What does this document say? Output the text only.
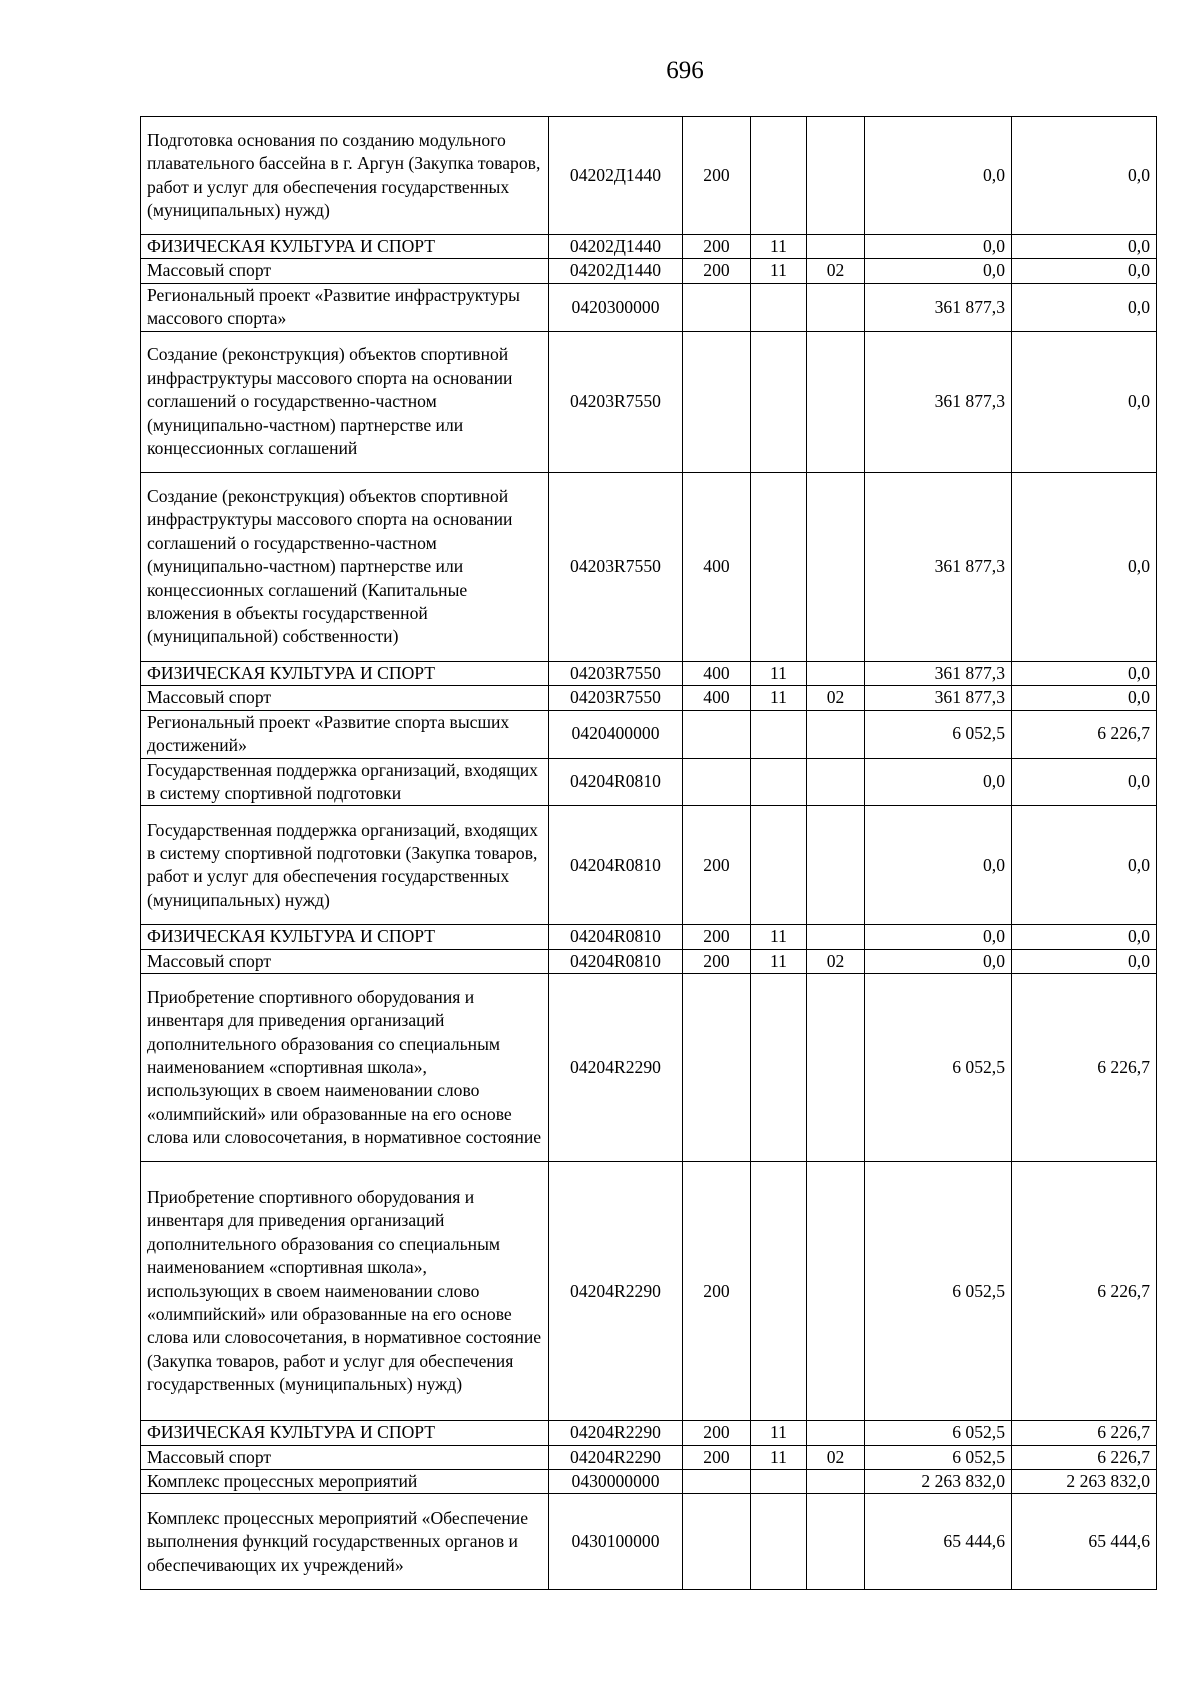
696
Подготовка основания по созданию модульного плавательного бассейна в г. Аргун (Закупка товаров, работ и услуг для обеспечения государственных (муниципальных) нужд)	04202Д1440	200			0,0	0,0
ФИЗИЧЕСКАЯ КУЛЬТУРА И СПОРТ	04202Д1440	200	11		0,0	0,0
Массовый спорт	04202Д1440	200	11	02	0,0	0,0
Региональный проект «Развитие инфраструктуры массового спорта»	0420300000				361 877,3	0,0
Создание (реконструкция) объектов спортивной инфраструктуры массового спорта на основании соглашений о государственно-частном (муниципально-частном) партнерстве или концессионных соглашений	04203R7550				361 877,3	0,0
Создание (реконструкция) объектов спортивной инфраструктуры массового спорта на основании соглашений о государственно-частном (муниципально-частном) партнерстве или концессионных соглашений (Капитальные вложения в объекты государственной (муниципальной) собственности)	04203R7550	400			361 877,3	0,0
ФИЗИЧЕСКАЯ КУЛЬТУРА И СПОРТ	04203R7550	400	11		361 877,3	0,0
Массовый спорт	04203R7550	400	11	02	361 877,3	0,0
Региональный проект «Развитие спорта высших достижений»	0420400000				6 052,5	6 226,7
Государственная поддержка организаций, входящих в систему спортивной подготовки	04204R0810				0,0	0,0
Государственная поддержка организаций, входящих в систему спортивной подготовки (Закупка товаров, работ и услуг для обеспечения государственных (муниципальных) нужд)	04204R0810	200			0,0	0,0
ФИЗИЧЕСКАЯ КУЛЬТУРА И СПОРТ	04204R0810	200	11		0,0	0,0
Массовый спорт	04204R0810	200	11	02	0,0	0,0
Приобретение спортивного оборудования и инвентаря для приведения организаций дополнительного образования со специальным наименованием «спортивная школа», использующих в своем наименовании слово «олимпийский» или образованные на его основе слова или словосочетания, в нормативное состояние	04204R2290				6 052,5	6 226,7
Приобретение спортивного оборудования и инвентаря для приведения организаций дополнительного образования со специальным наименованием «спортивная школа», использующих в своем наименовании слово «олимпийский» или образованные на его основе слова или словосочетания, в нормативное состояние (Закупка товаров, работ и услуг для обеспечения государственных (муниципальных) нужд)	04204R2290	200			6 052,5	6 226,7
ФИЗИЧЕСКАЯ КУЛЬТУРА И СПОРТ	04204R2290	200	11		6 052,5	6 226,7
Массовый спорт	04204R2290	200	11	02	6 052,5	6 226,7
Комплекс процессных мероприятий	0430000000				2 263 832,0	2 263 832,0
Комплекс процессных мероприятий «Обеспечение выполнения функций государственных органов и обеспечивающих их учреждений»	0430100000				65 444,6	65 444,6
